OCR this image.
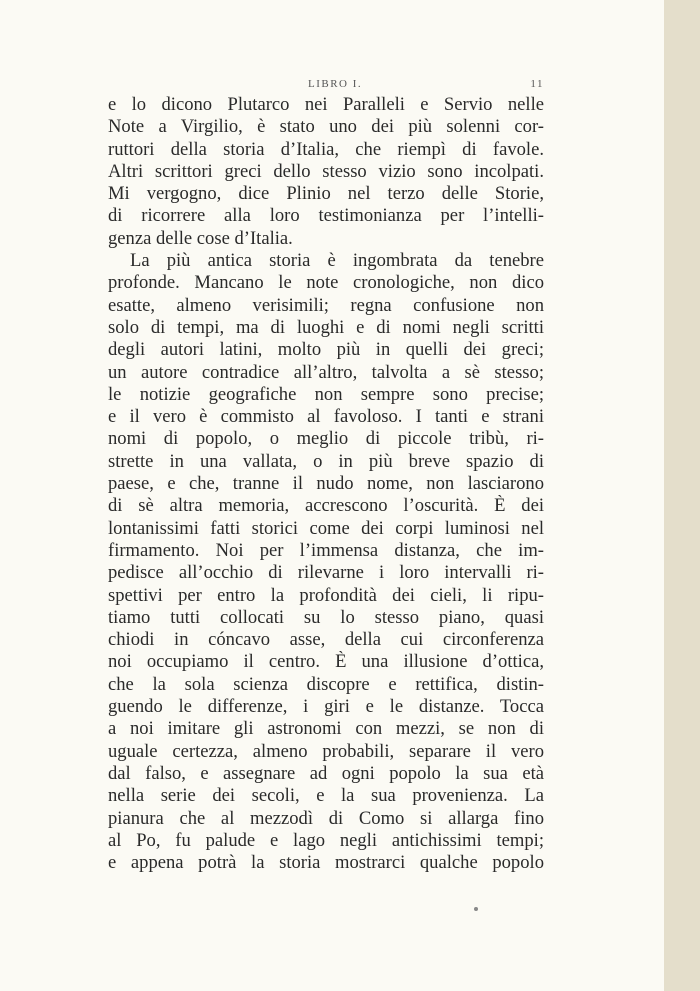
LIBRO I.	11
e lo dicono Plutarco nei Paralleli e Servio nelle
Note a Virgilio, è stato uno dei più solenni cor-
ruttori della storia d’Italia, che riempì di favole.
Altri scrittori greci dello stesso vizio sono incolpati.
Mi vergogno, dice Plinio nel terzo delle Storie,
di ricorrere alla loro testimonianza per l’intelli-
genza delle cose d’Italia.
La più antica storia è ingombrata da tenebre
profonde. Mancano le note cronologiche, non dico
esatte, almeno verisimili; regna confusione non
solo di tempi, ma di luoghi e di nomi negli scritti
degli autori latini, molto più in quelli dei greci;
un autore contradice all’altro, talvolta a sè stesso;
le notizie geografiche non sempre sono precise;
e il vero è commisto al favoloso. I tanti e strani
nomi di popolo, o meglio di piccole tribù, ri-
strette in una vallata, o in più breve spazio di
paese, e che, tranne il nudo nome, non lasciarono
di sè altra memoria, accrescono l’oscurità. È dei
lontanissimi fatti storici come dei corpi luminosi nel
firmamento. Noi per l’immensa distanza, che im-
pedisce all’occhio di rilevarne i loro intervalli ri-
spettivi per entro la profondità dei cieli, li ripu-
tiamo tutti collocati su lo stesso piano, quasi
chiodi in cóncavo asse, della cui circonferenza
noi occupiamo il centro. È una illusione d’ottica,
che la sola scienza discopre e rettifica, distin-
guendo le differenze, i giri e le distanze. Tocca
a noi imitare gli astronomi con mezzi, se non di
uguale certezza, almeno probabili, separare il vero
dal falso, e assegnare ad ogni popolo la sua età
nella serie dei secoli, e la sua provenienza. La
pianura che al mezzodì di Como si allarga fino
al Po, fu palude e lago negli antichissimi tempi;
e appena potrà la storia mostrarci qualche popolo
